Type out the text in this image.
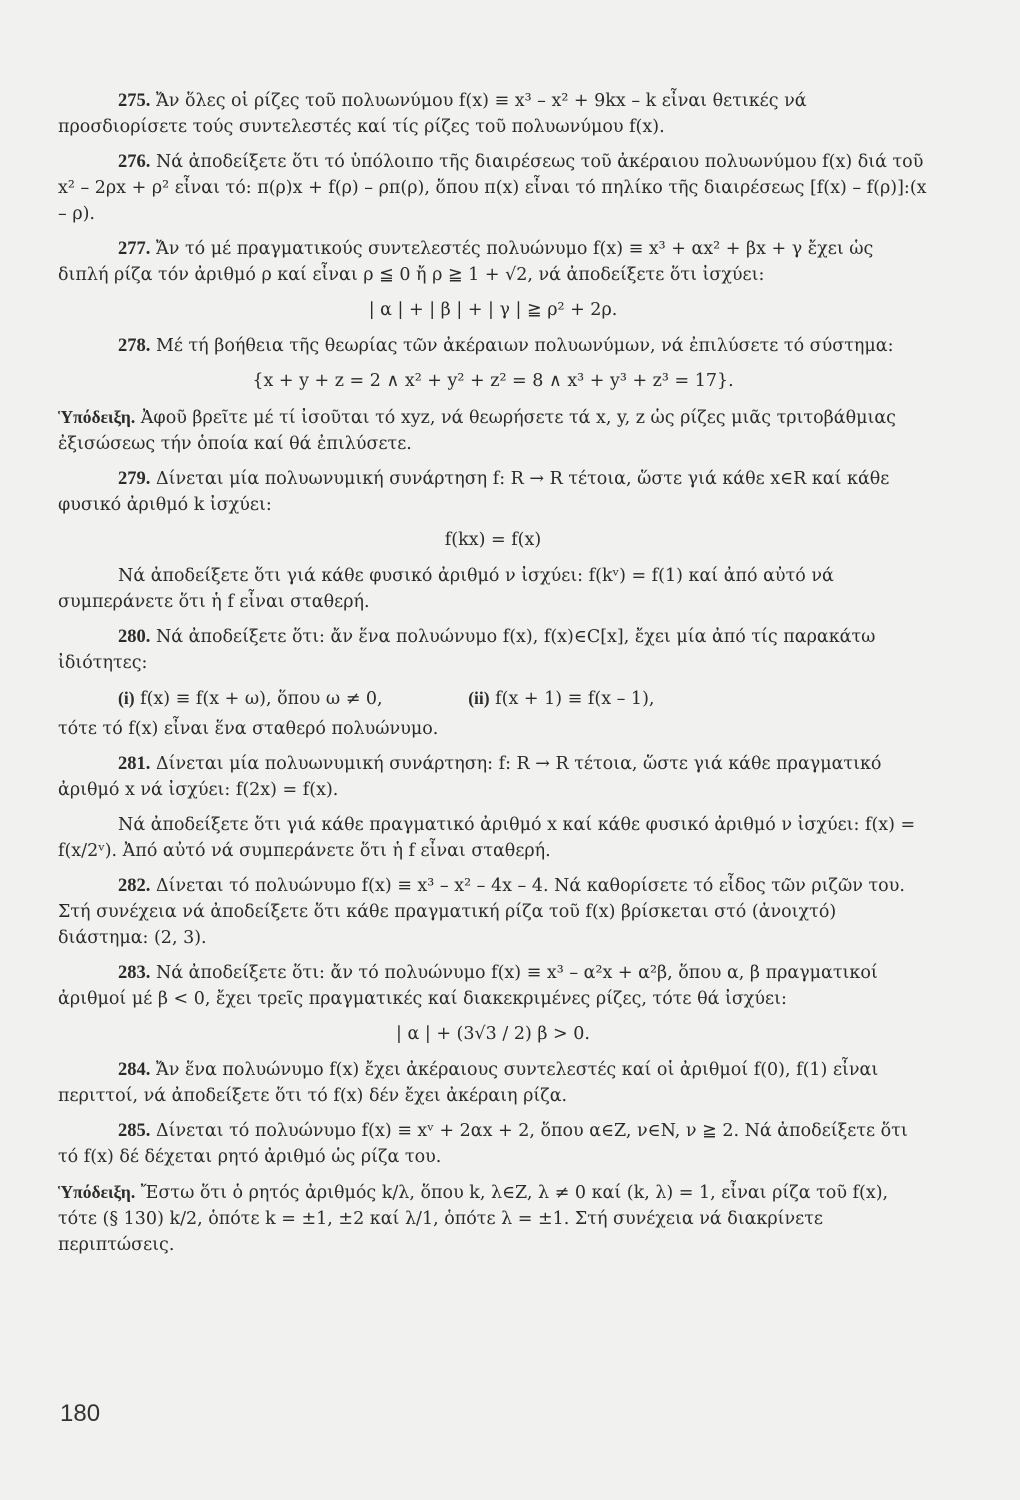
275. Ἄν ὅλες οἱ ρίζες τοῦ πολυωνύμου f(x) ≡ x³ – x² + 9kx – k εἶναι θετικές νά προσδιορίσετε τούς συντελεστές καί τίς ρίζες τοῦ πολυωνύμου f(x).

276. Νά ἀποδείξετε ὅτι τό ὑπόλοιπο τῆς διαιρέσεως τοῦ ἀκέραιου πολυωνύμου f(x) διά τοῦ x² – 2ρx + ρ² εἶναι τό: π(ρ)x + f(ρ) – ρπ(ρ), ὅπου π(x) εἶναι τό πηλίκο τῆς διαιρέσεως [f(x) – f(ρ)]:(x – ρ).

277. Ἄν τό μέ πραγματικούς συντελεστές πολυώνυμο f(x) ≡ x³ + αx² + βx + γ ἔχει ὡς διπλή ρίζα τόν ἀριθμό ρ καί εἶναι ρ ≦ 0 ἤ ρ ≧ 1 + √2, νά ἀποδείξετε ὅτι ἰσχύει:

| α | + | β | + | γ | ≧ ρ² + 2ρ.

278. Μέ τή βοήθεια τῆς θεωρίας τῶν ἀκέραιων πολυωνύμων, νά ἐπιλύσετε τό σύστημα:

{x + y + z = 2 ∧ x² + y² + z² = 8 ∧ x³ + y³ + z³ = 17}.

Ὑπόδειξη. Ἀφοῦ βρεῖτε μέ τί ἰσοῦται τό xyz, νά θεωρήσετε τά x, y, z ὡς ρίζες μιᾶς τριτοβάθμιας ἐξισώσεως τήν ὁποία καί θά ἐπιλύσετε.

279. Δίνεται μία πολυωνυμική συνάρτηση f: R → R τέτοια, ὥστε γιά κάθε x∈R καί κάθε φυσικό ἀριθμό k ἰσχύει:

f(kx) = f(x)

Νά ἀποδείξετε ὅτι γιά κάθε φυσικό ἀριθμό ν ἰσχύει: f(kᵛ) = f(1) καί ἀπό αὐτό νά συμπεράνετε ὅτι ἡ f εἶναι σταθερή.

280. Νά ἀποδείξετε ὅτι: ἄν ἕνα πολυώνυμο f(x), f(x)∈C[x], ἔχει μία ἀπό τίς παρακάτω ἰδιότητες:

(i) f(x) ≡ f(x + ω), ὅπου ω ≠ 0,	(ii) f(x + 1) ≡ f(x – 1),

τότε τό f(x) εἶναι ἕνα σταθερό πολυώνυμο.

281. Δίνεται μία πολυωνυμική συνάρτηση: f: R → R τέτοια, ὥστε γιά κάθε πραγματικό ἀριθμό x νά ἰσχύει: f(2x) = f(x).

Νά ἀποδείξετε ὅτι γιά κάθε πραγματικό ἀριθμό x καί κάθε φυσικό ἀριθμό ν ἰσχύει: f(x) = f(x/2ᵛ). Ἀπό αὐτό νά συμπεράνετε ὅτι ἡ f εἶναι σταθερή.

282. Δίνεται τό πολυώνυμο f(x) ≡ x³ – x² – 4x – 4. Νά καθορίσετε τό εἶδος τῶν ριζῶν του. Στή συνέχεια νά ἀποδείξετε ὅτι κάθε πραγματική ρίζα τοῦ f(x) βρίσκεται στό (ἀνοιχτό) διάστημα: (2, 3).

283. Νά ἀποδείξετε ὅτι: ἄν τό πολυώνυμο f(x) ≡ x³ – α²x + α²β, ὅπου α, β πραγματικοί ἀριθμοί μέ β < 0, ἔχει τρεῖς πραγματικές καί διακεκριμένες ρίζες, τότε θά ἰσχύει:

| α | + (3√3 / 2) β > 0.

284. Ἄν ἕνα πολυώνυμο f(x) ἔχει ἀκέραιους συντελεστές καί οἱ ἀριθμοί f(0), f(1) εἶναι περιττοί, νά ἀποδείξετε ὅτι τό f(x) δέν ἔχει ἀκέραιη ρίζα.

285. Δίνεται τό πολυώνυμο f(x) ≡ xᵛ + 2αx + 2, ὅπου α∈Z, ν∈N, ν ≧ 2. Νά ἀποδείξετε ὅτι τό f(x) δέ δέχεται ρητό ἀριθμό ὡς ρίζα του.

Ὑπόδειξη. Ἔστω ὅτι ὁ ρητός ἀριθμός k/λ, ὅπου k, λ∈Z, λ ≠ 0 καί (k, λ) = 1, εἶναι ρίζα τοῦ f(x), τότε (§ 130) k/2, ὁπότε k = ±1, ±2 καί λ/1, ὁπότε λ = ±1. Στή συνέχεια νά διακρίνετε περιπτώσεις.

180
